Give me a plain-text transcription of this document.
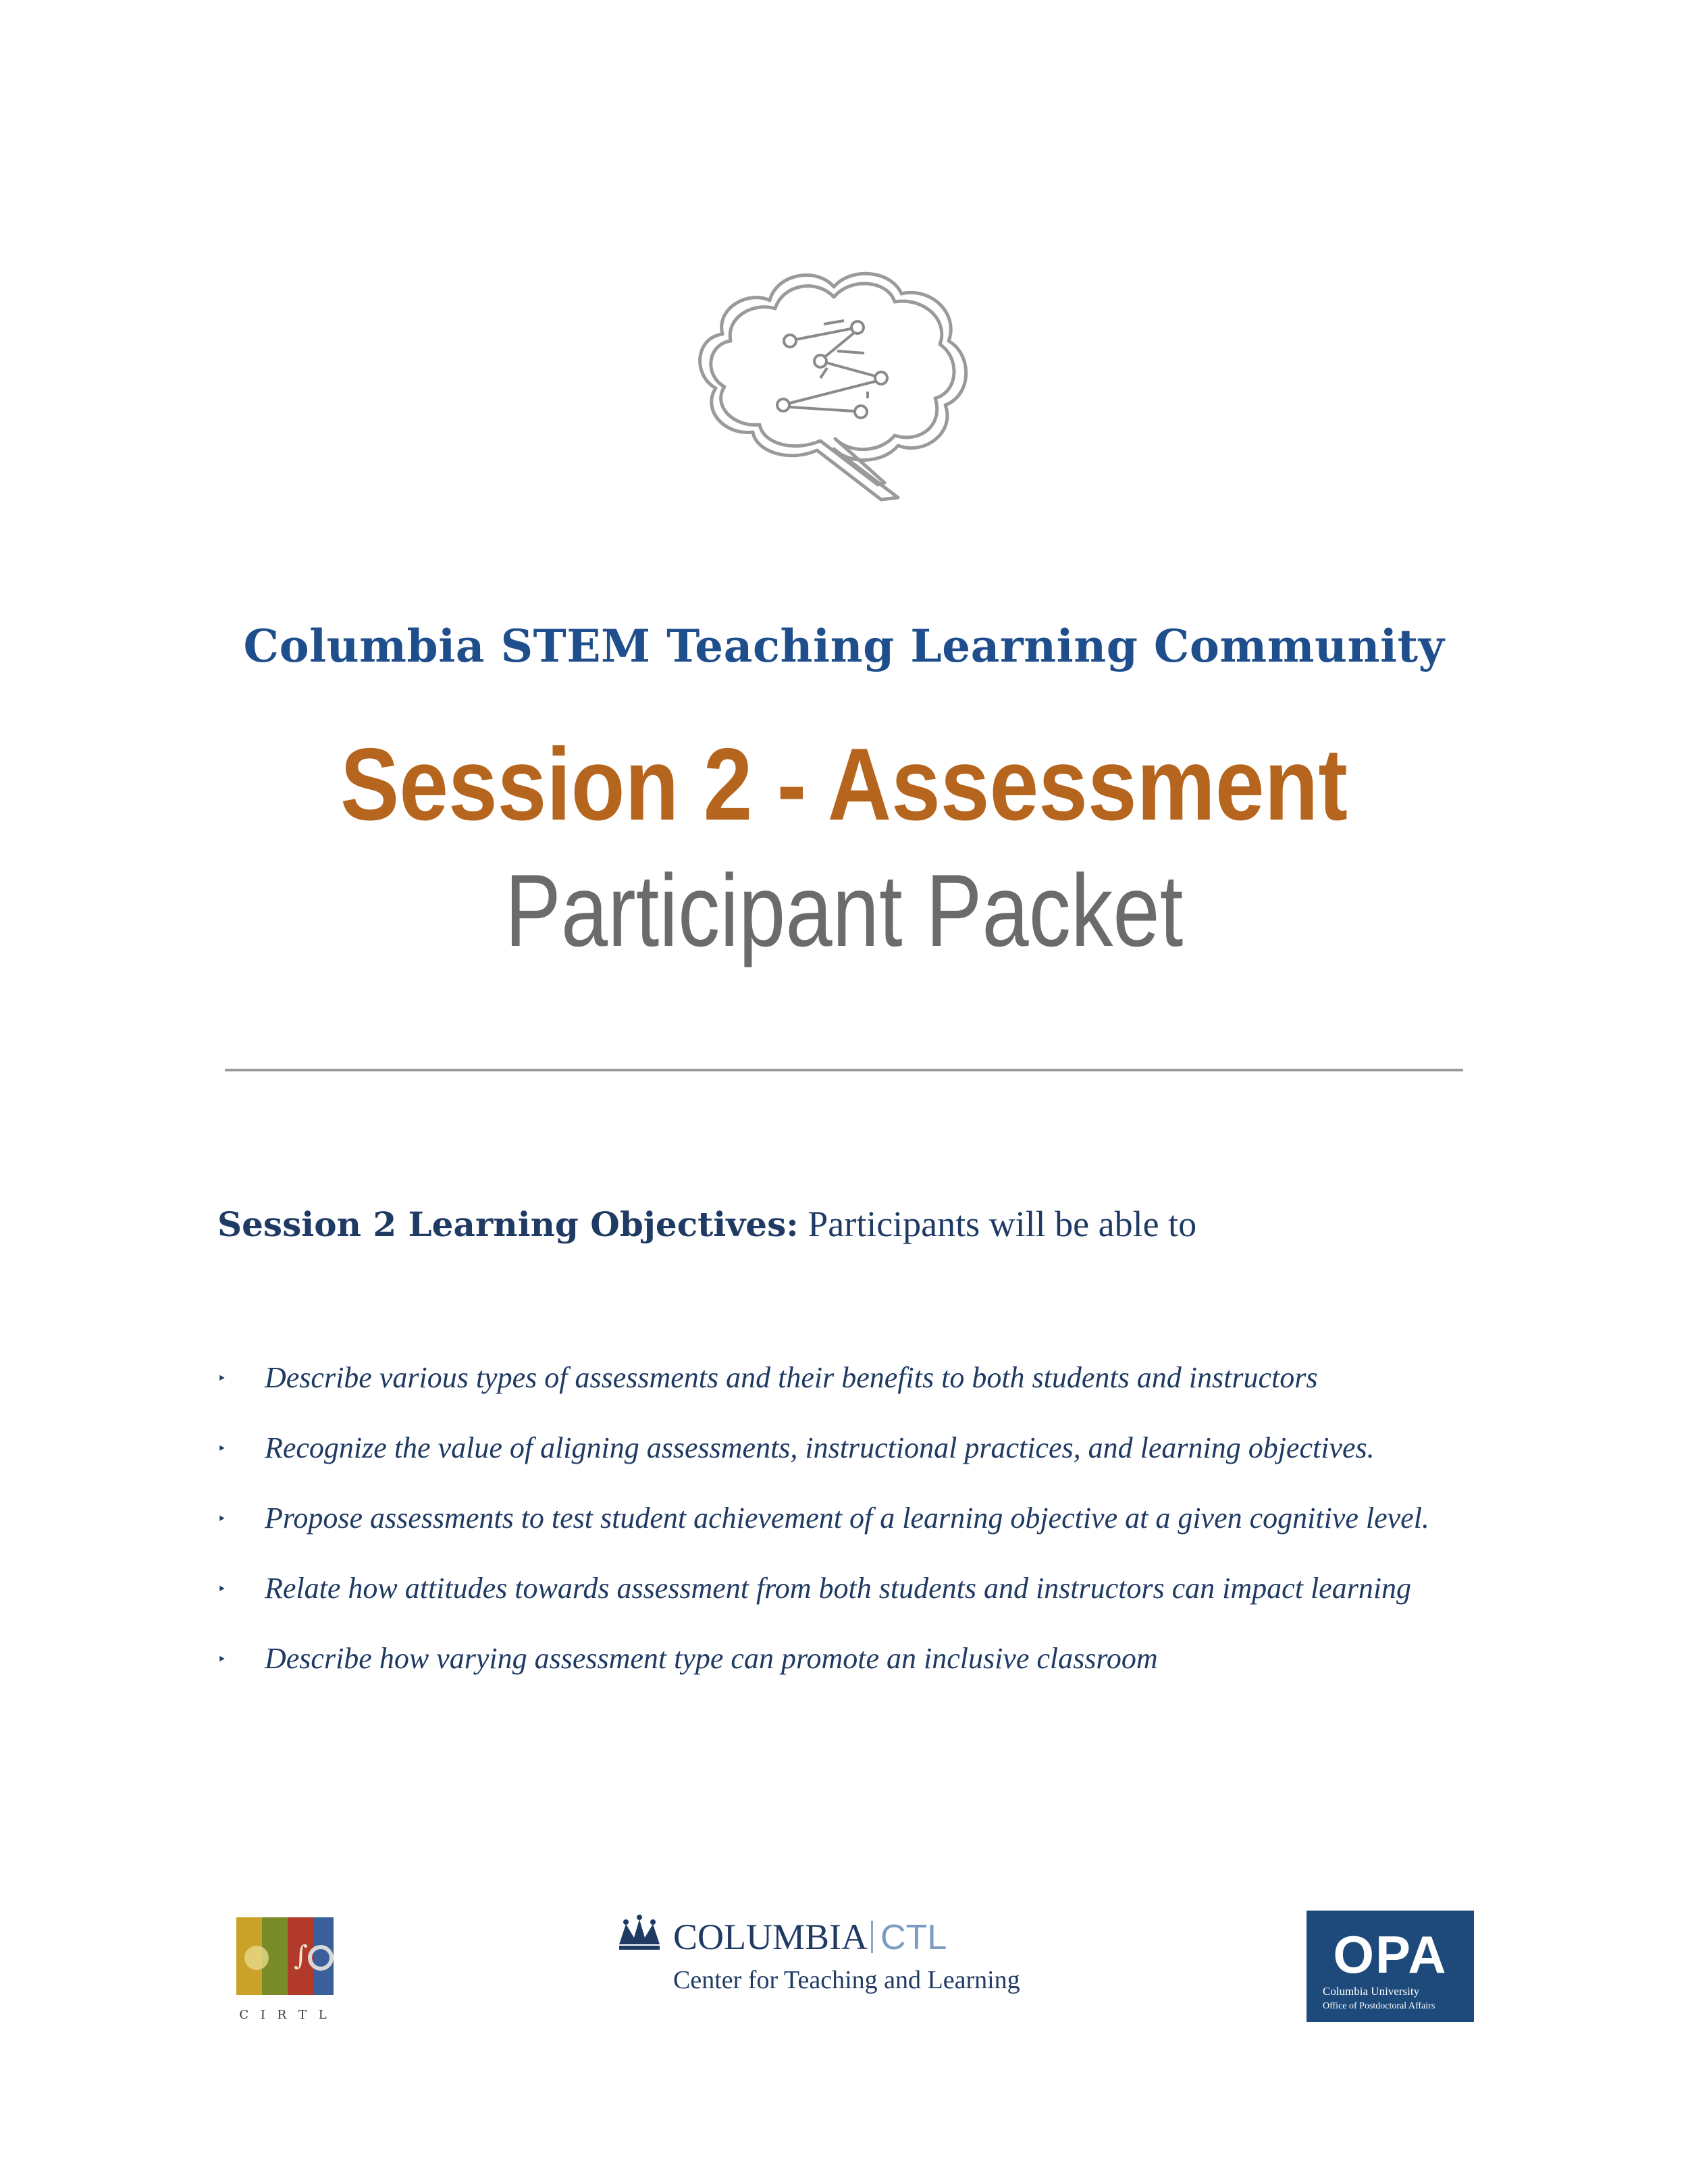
Columbia STEM Teaching Learning Community
Session 2 - Assessment
Participant Packet
Session 2 Learning Objectives: Participants will be able to
‣	Describe various types of assessments and their benefits to both students and instructors
‣	Recognize the value of aligning assessments, instructional practices, and learning objectives.
‣	Propose assessments to test student achievement of a learning objective at a given cognitive level.
‣	Relate how attitudes towards assessment from both students and instructors can impact learning
‣	Describe how varying assessment type can promote an inclusive classroom
∫
C I R T L
COLUMBIA CTL
Center for Teaching and Learning	OPA
Columbia University
Office of Postdoctoral Affairs
